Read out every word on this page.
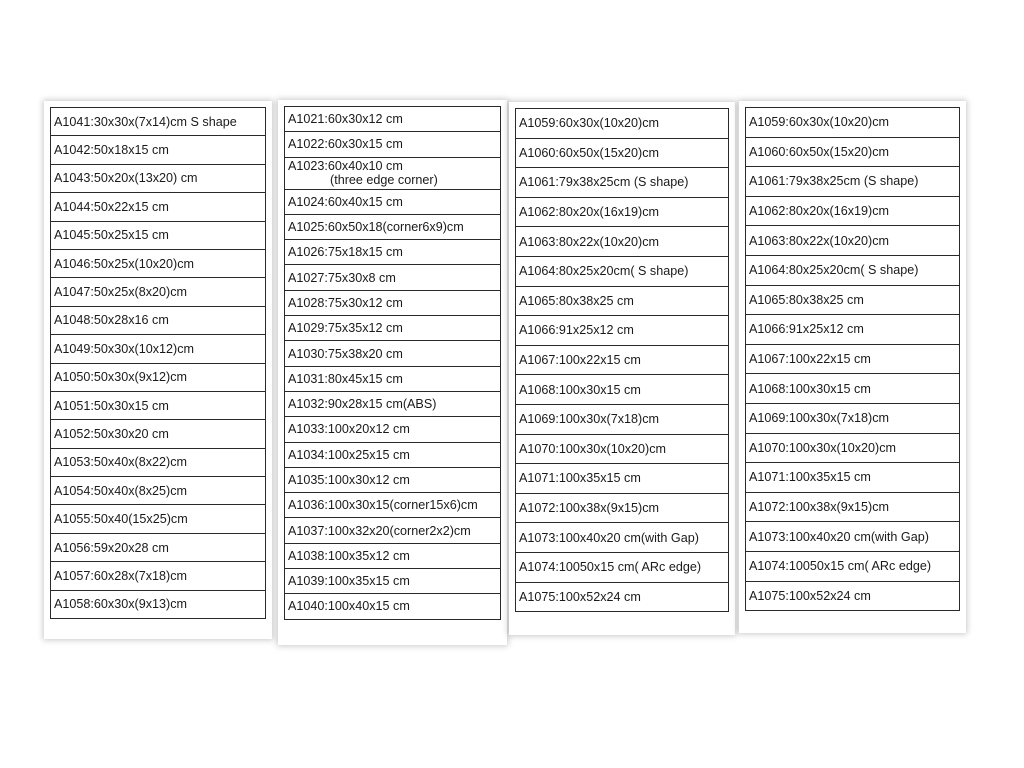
A1041:30x30x(7x14)cm S shape
A1042:50x18x15 cm
A1043:50x20x(13x20) cm
A1044:50x22x15 cm
A1045:50x25x15 cm
A1046:50x25x(10x20)cm
A1047:50x25x(8x20)cm
A1048:50x28x16 cm
A1049:50x30x(10x12)cm
A1050:50x30x(9x12)cm
A1051:50x30x15 cm
A1052:50x30x20 cm
A1053:50x40x(8x22)cm
A1054:50x40x(8x25)cm
A1055:50x40(15x25)cm
A1056:59x20x28 cm
A1057:60x28x(7x18)cm
A1058:60x30x(9x13)cm
A1021:60x30x12 cm
A1022:60x30x15 cm
A1023:60x40x10 cm
(three edge corner)

A1024:60x40x15 cm
A1025:60x50x18(corner6x9)cm
A1026:75x18x15 cm
A1027:75x30x8 cm
A1028:75x30x12 cm
A1029:75x35x12 cm
A1030:75x38x20 cm
A1031:80x45x15 cm
A1032:90x28x15 cm(ABS)
A1033:100x20x12 cm
A1034:100x25x15 cm
A1035:100x30x12 cm
A1036:100x30x15(corner15x6)cm
A1037:100x32x20(corner2x2)cm
A1038:100x35x12 cm
A1039:100x35x15 cm
A1040:100x40x15 cm
A1059:60x30x(10x20)cm
A1060:60x50x(15x20)cm
A1061:79x38x25cm (S shape)
A1062:80x20x(16x19)cm
A1063:80x22x(10x20)cm
A1064:80x25x20cm( S shape)
A1065:80x38x25 cm
A1066:91x25x12 cm
A1067:100x22x15 cm
A1068:100x30x15 cm
A1069:100x30x(7x18)cm
A1070:100x30x(10x20)cm
A1071:100x35x15 cm
A1072:100x38x(9x15)cm
A1073:100x40x20 cm(with Gap)
A1074:10050x15 cm( ARc edge)
A1075:100x52x24 cm
A1059:60x30x(10x20)cm
A1060:60x50x(15x20)cm
A1061:79x38x25cm (S shape)
A1062:80x20x(16x19)cm
A1063:80x22x(10x20)cm
A1064:80x25x20cm( S shape)
A1065:80x38x25 cm
A1066:91x25x12 cm
A1067:100x22x15 cm
A1068:100x30x15 cm
A1069:100x30x(7x18)cm
A1070:100x30x(10x20)cm
A1071:100x35x15 cm
A1072:100x38x(9x15)cm
A1073:100x40x20 cm(with Gap)
A1074:10050x15 cm( ARc edge)
A1075:100x52x24 cm
